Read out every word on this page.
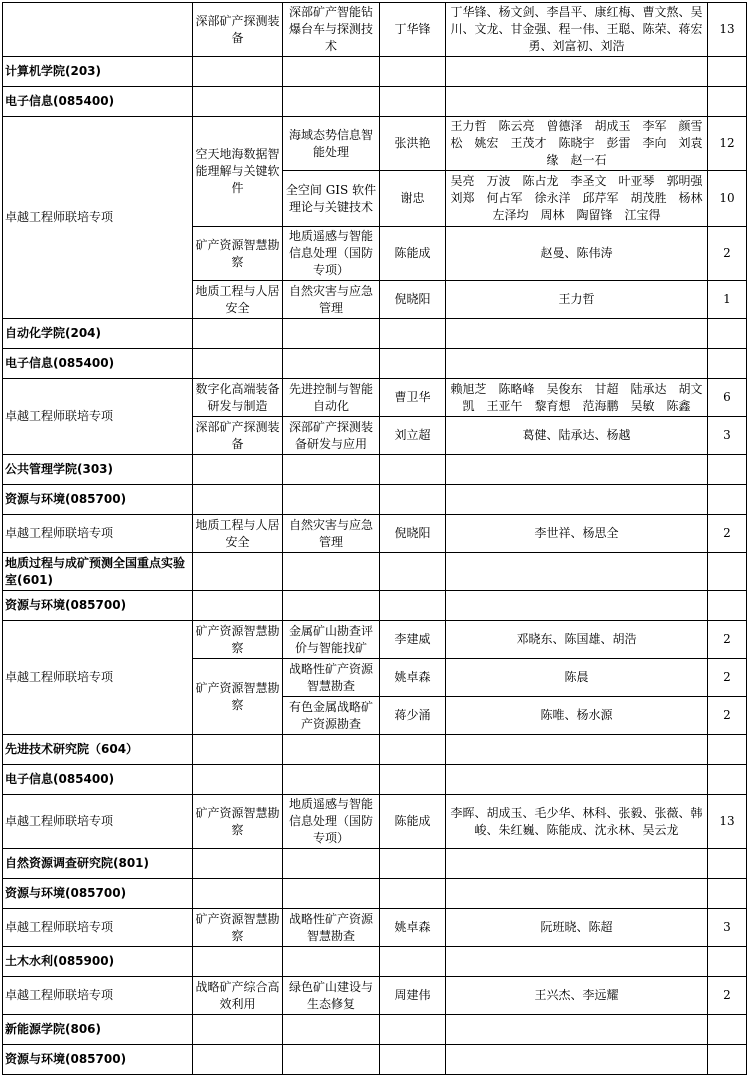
	深部矿产探测装备	深部矿产智能钻爆台车与探测技术	丁华锋	丁华锋、杨文剑、李昌平、康红梅、曹文熬、吴川、文龙、甘金强、程一伟、王聪、陈荣、蒋宏勇、刘富初、刘浩	13
计算机学院(203)					
电子信息(085400)					
卓越工程师联培专项	空天地海数据智能理解与关键软件	海域态势信息智能处理	张洪艳	王力哲　陈云亮　曾德泽　胡成玉　李军　颜雪松　姚宏　王茂才　陈晓宇　彭雷　李向　刘袁缘　赵一石	12
		全空间 GIS 软件理论与关键技术	谢忠	吴亮　万波　陈占龙　李圣文　叶亚琴　郭明强　刘郑　何占军　徐永洋　邱芹军　胡茂胜　杨林　左泽均　周林　陶留锋　江宝得	10
	矿产资源智慧勘察	地质遥感与智能信息处理（国防专项）	陈能成	赵曼、陈伟涛	2
	地质工程与人居安全	自然灾害与应急管理	倪晓阳	王力哲	1
自动化学院(204)					
电子信息(085400)					
卓越工程师联培专项	数字化高端装备研发与制造	先进控制与智能自动化	曹卫华	赖旭芝　陈略峰　吴俊东　甘超　陆承达　胡文凯　王亚午　黎育想　范海鹏　吴敏　陈鑫	6
	深部矿产探测装备	深部矿产探测装备研发与应用	刘立超	葛健、陆承达、杨越	3
公共管理学院(303)					
资源与环境(085700)					
卓越工程师联培专项	地质工程与人居安全	自然灾害与应急管理	倪晓阳	李世祥、杨思全	2
地质过程与成矿预测全国重点实验室(601)					
资源与环境(085700)					
卓越工程师联培专项	矿产资源智慧勘察	金属矿山勘查评价与智能找矿	李建威	邓晓东、陈国雄、胡浩	2
	矿产资源智慧勘察	战略性矿产资源智慧勘查	姚卓森	陈晨	2
		有色金属战略矿产资源勘查	蒋少涌	陈唯、杨水源	2
先进技术研究院（604）					
电子信息(085400)					
卓越工程师联培专项	矿产资源智慧勘察	地质遥感与智能信息处理（国防专项）	陈能成	李晖、胡成玉、毛少华、林科、张毅、张薇、韩峻、朱红巍、陈能成、沈永林、吴云龙	13
自然资源调查研究院(801)					
资源与环境(085700)					
卓越工程师联培专项	矿产资源智慧勘察	战略性矿产资源智慧勘查	姚卓森	阮班晓、陈超	3
土木水利(085900)					
卓越工程师联培专项	战略矿产综合高效利用	绿色矿山建设与生态修复	周建伟	王兴杰、李远耀	2
新能源学院(806)					
资源与环境(085700)					
